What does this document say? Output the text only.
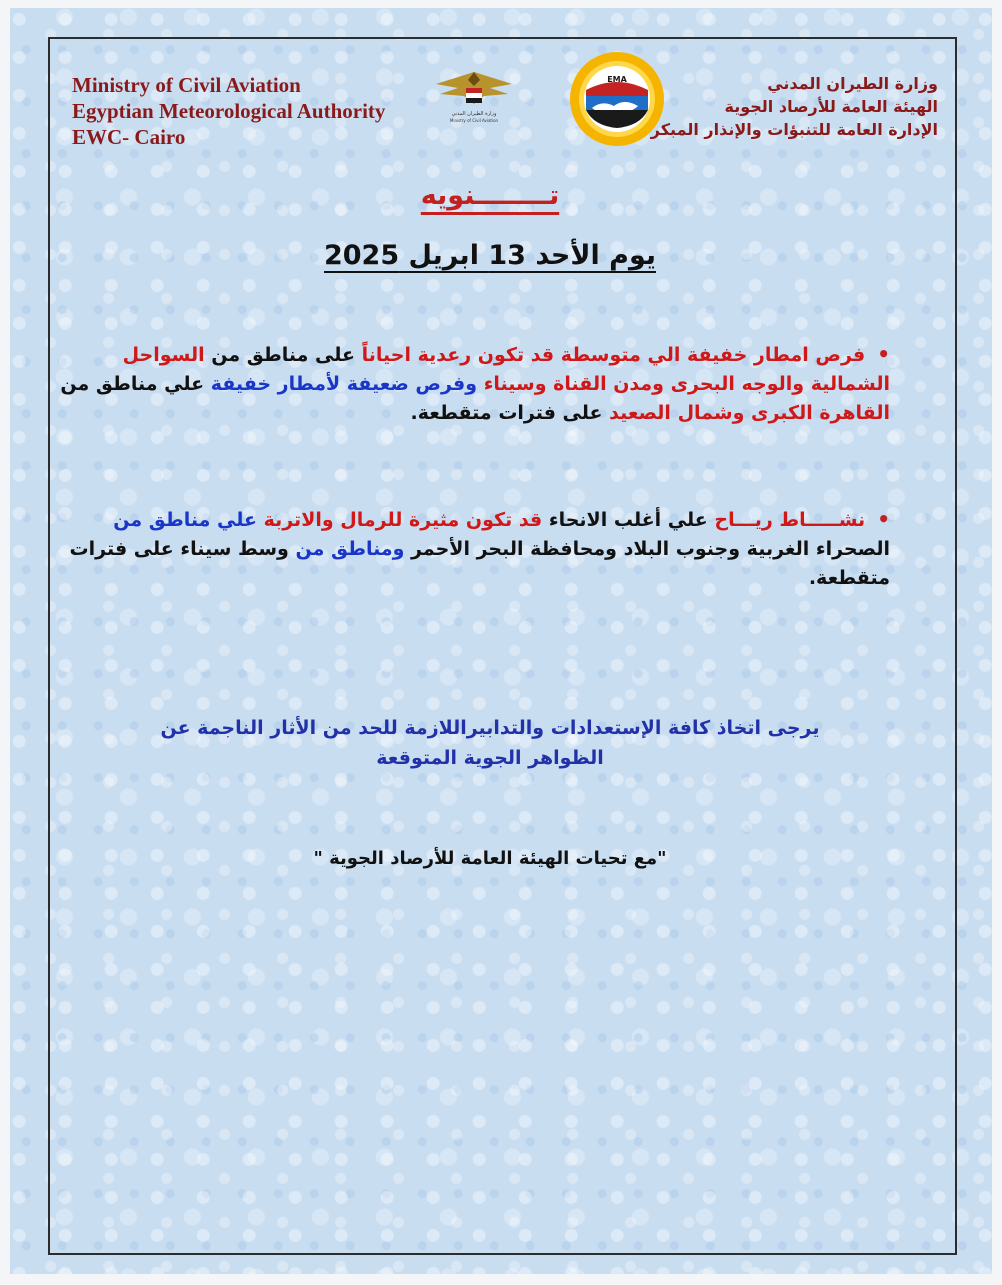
Ministry of Civil Aviation
Egyptian Meteorological Authority
EWC- Cairo
وزارة الطيران المدني
Ministry of Civil Aviation
EMA	وزارة الطيران المدني
الهيئة العامة للأرصاد الجوية
الإدارة العامة للتنبؤات والإنذار المبكر
تــــــــنويه
يوم الأحد 13 ابريل 2025
•فرص امطار خفيفة الي متوسطة قد تكون رعدية احياناً على مناطق من السواحل الشمالية والوجه البحرى ومدن القناة وسيناء وفرص ضعيفة لأمطار خفيفة علي مناطق من القاهرة الكبرى وشمال الصعيد على فترات متقطعة.
•نشـــــاط ريـــاح علي أغلب الانحاء قد تكون مثيرة للرمال والاتربة علي مناطق من الصحراء الغربية وجنوب البلاد ومحافظة البحر الأحمر ومناطق من وسط سيناء على فترات متقطعة.
يرجى اتخاذ كافة الإستعدادات والتدابيراللازمة للحد من الأثار الناجمة عن
الظواهر الجوية المتوقعة
"مع تحيات الهيئة العامة للأرصاد الجوية "
